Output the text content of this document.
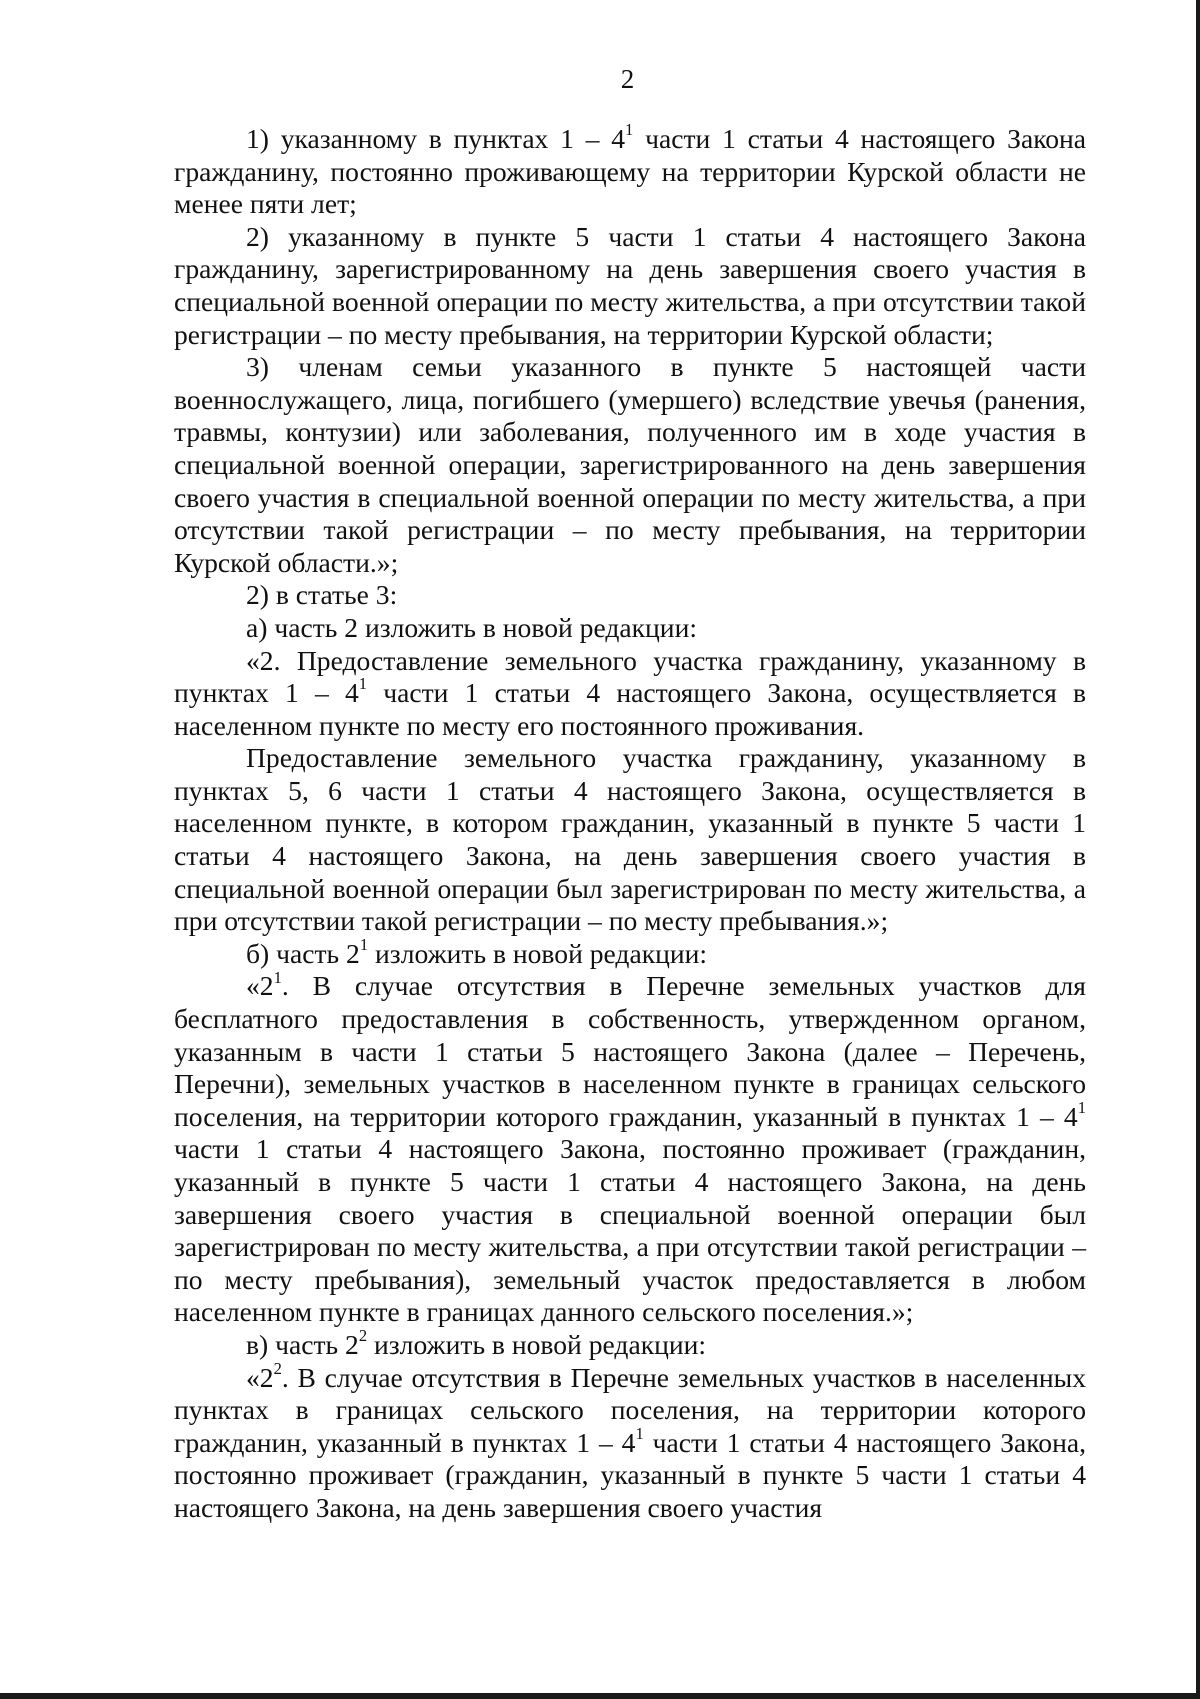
2

1) указанному в пунктах $1 - 4^1$ части 1 статьи 4 настоящего Закона гражданину, постоянно проживающему на территории Курской области не менее пяти лет;

2) указанному в пункте 5 части 1 статьи 4 настоящего Закона гражданину, зарегистрированному на день завершения своего участия в специальной военной операции по месту жительства, а при отсутствии такой регистрации – по месту пребывания, на территории Курской области;

3) членам семьи указанного в пункте 5 настоящей части военнослужащего, лица, погибшего (умершего) вследствие увечья (ранения, травмы, контузии) или заболевания, полученного им в ходе участия в специальной военной операции, зарегистрированного на день завершения своего участия в специальной военной операции по месту жительства, а при отсутствии такой регистрации – по месту пребывания, на территории Курской области.»;

2) в статье 3:

а) часть 2 изложить в новой редакции:

«2. Предоставление земельного участка гражданину, указанному в пунктах $1 - 4^1$ части 1 статьи 4 настоящего Закона, осуществляется в населенном пункте по месту его постоянного проживания.

Предоставление земельного участка гражданину, указанному в пунктах 5, 6 части 1 статьи 4 настоящего Закона, осуществляется в населенном пункте, в котором гражданин, указанный в пункте 5 части 1 статьи 4 настоящего Закона, на день завершения своего участия в специальной военной операции был зарегистрирован по месту жительства, а при отсутствии такой регистрации – по месту пребывания.»;

б) часть $2^1$ изложить в новой редакции:

«$2^1$. В случае отсутствия в Перечне земельных участков для бесплатного предоставления в собственность, утвержденном органом, указанным в части 1 статьи 5 настоящего Закона (далее – Перечень, Перечни), земельных участков в населенном пункте в границах сельского поселения, на территории которого гражданин, указанный в пунктах $1 - 4^1$ части 1 статьи 4 настоящего Закона, постоянно проживает (гражданин, указанный в пункте 5 части 1 статьи 4 настоящего Закона, на день завершения своего участия в специальной военной операции был зарегистрирован по месту жительства, а при отсутствии такой регистрации – по месту пребывания), земельный участок предоставляется в любом населенном пункте в границах данного сельского поселения.»;

в) часть $2^2$ изложить в новой редакции:

«$2^2$. В случае отсутствия в Перечне земельных участков в населенных пунктах в границах сельского поселения, на территории которого гражданин, указанный в пунктах $1 - 4^1$ части 1 статьи 4 настоящего Закона, постоянно проживает (гражданин, указанный в пункте 5 части 1 статьи 4 настоящего Закона, на день завершения своего участия
